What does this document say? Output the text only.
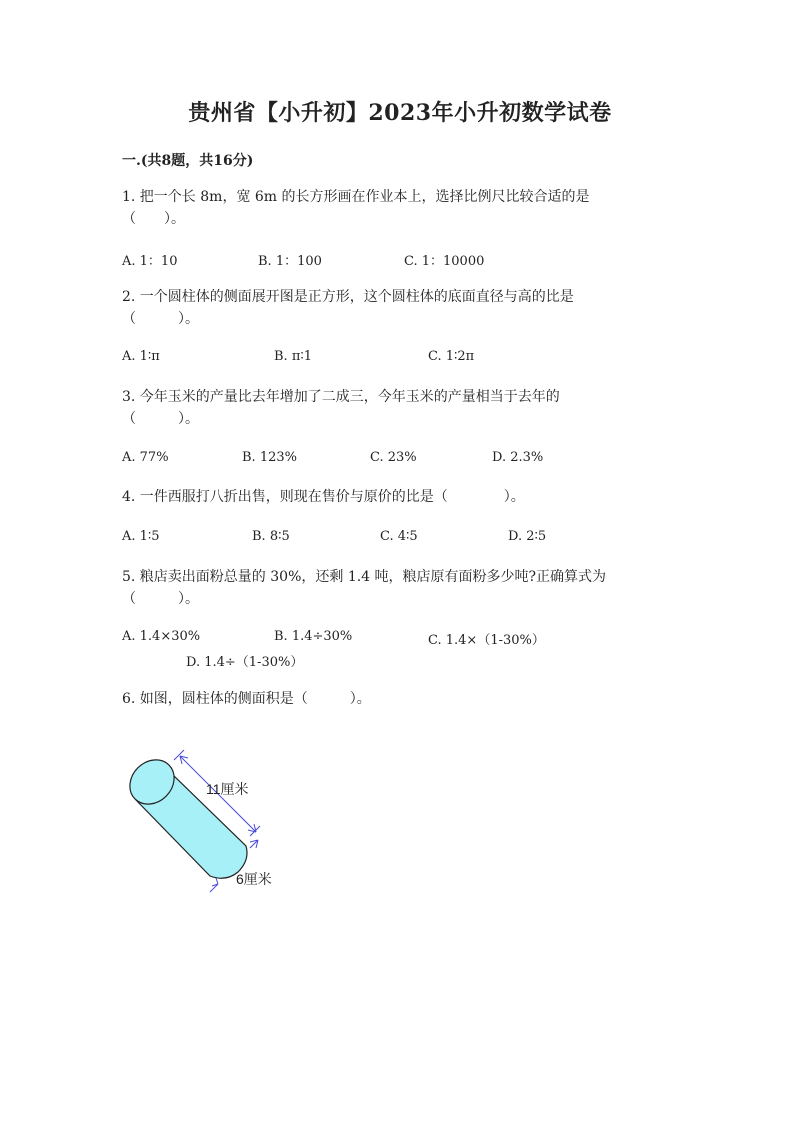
贵州省【小升初】2023年小升初数学试卷
一.(共8题，共16分)
1. 把一个长 8m，宽 6m 的长方形画在作业本上，选择比例尺比较合适的是
（　　）。
A. 1：10	B. 1：100	C. 1：10000
2. 一个圆柱体的侧面展开图是正方形，这个圆柱体的底面直径与高的比是
（　　　）。
A. 1∶π	B. π∶1	C. 1∶2π
3. 今年玉米的产量比去年增加了二成三，今年玉米的产量相当于去年的
（　　　）。
A. 77%	B. 123%	C. 23%	D. 2.3%
4. 一件西服打八折出售，则现在售价与原价的比是（　　　　）。
A. 1∶5	B. 8∶5	C. 4∶5	D. 2∶5
5. 粮店卖出面粉总量的 30%，还剩 1.4 吨，粮店原有面粉多少吨?正确算式为
（　　　）。
A. 1.4×30%	B. 1.4÷30%	C. 1.4×（1-30%）
D. 1.4÷（1-30%）
6. 如图，圆柱体的侧面积是（　　　）。
11厘米
6厘米
